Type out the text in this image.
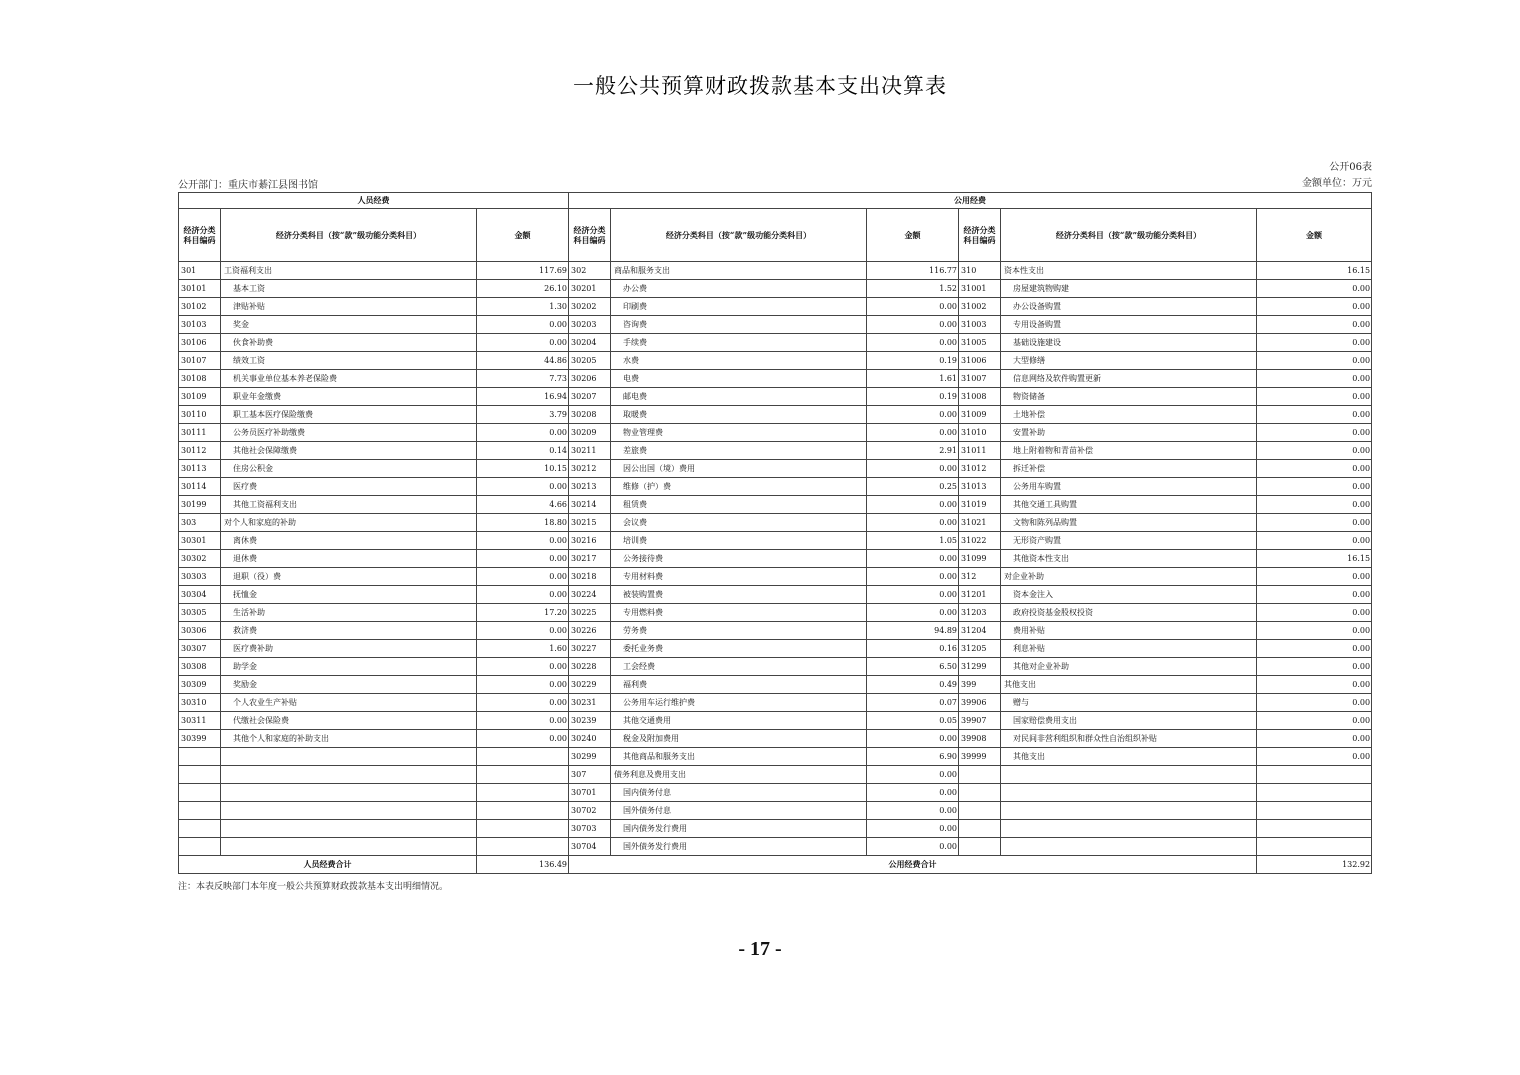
一般公共预算财政拨款基本支出决算表
公开06表
金额单位：万元
公开部门：重庆市綦江县图书馆
人员经费			公用经费					
经济分类科目编码	经济分类科目（按“款”级功能分类科目）	金额	经济分类科目编码	经济分类科目（按“款”级功能分类科目）	金额	经济分类科目编码	经济分类科目（按“款”级功能分类科目）	金额
301	工资福利支出	117.69	302	商品和服务支出	116.77	310	资本性支出	16.15
30101	基本工资	26.10	30201	办公费	1.52	31001	房屋建筑物购建	0.00
30102	津贴补贴	1.30	30202	印刷费	0.00	31002	办公设备购置	0.00
30103	奖金	0.00	30203	咨询费	0.00	31003	专用设备购置	0.00
30106	伙食补助费	0.00	30204	手续费	0.00	31005	基础设施建设	0.00
30107	绩效工资	44.86	30205	水费	0.19	31006	大型修缮	0.00
30108	机关事业单位基本养老保险费	7.73	30206	电费	1.61	31007	信息网络及软件购置更新	0.00
30109	职业年金缴费	16.94	30207	邮电费	0.19	31008	物资储备	0.00
30110	职工基本医疗保险缴费	3.79	30208	取暖费	0.00	31009	土地补偿	0.00
30111	公务员医疗补助缴费	0.00	30209	物业管理费	0.00	31010	安置补助	0.00
30112	其他社会保障缴费	0.14	30211	差旅费	2.91	31011	地上附着物和青苗补偿	0.00
30113	住房公积金	10.15	30212	因公出国（境）费用	0.00	31012	拆迁补偿	0.00
30114	医疗费	0.00	30213	维修（护）费	0.25	31013	公务用车购置	0.00
30199	其他工资福利支出	4.66	30214	租赁费	0.00	31019	其他交通工具购置	0.00
303	对个人和家庭的补助	18.80	30215	会议费	0.00	31021	文物和陈列品购置	0.00
30301	离休费	0.00	30216	培训费	1.05	31022	无形资产购置	0.00
30302	退休费	0.00	30217	公务接待费	0.00	31099	其他资本性支出	16.15
30303	退职（役）费	0.00	30218	专用材料费	0.00	312	对企业补助	0.00
30304	抚恤金	0.00	30224	被装购置费	0.00	31201	资本金注入	0.00
30305	生活补助	17.20	30225	专用燃料费	0.00	31203	政府投资基金股权投资	0.00
30306	救济费	0.00	30226	劳务费	94.89	31204	费用补贴	0.00
30307	医疗费补助	1.60	30227	委托业务费	0.16	31205	利息补贴	0.00
30308	助学金	0.00	30228	工会经费	6.50	31299	其他对企业补助	0.00
30309	奖励金	0.00	30229	福利费	0.49	399	其他支出	0.00
30310	个人农业生产补贴	0.00	30231	公务用车运行维护费	0.07	39906	赠与	0.00
30311	代缴社会保险费	0.00	30239	其他交通费用	0.05	39907	国家赔偿费用支出	0.00
30399	其他个人和家庭的补助支出	0.00	30240	税金及附加费用	0.00	39908	对民间非营利组织和群众性自治组织补贴	0.00
			30299	其他商品和服务支出	6.90	39999	其他支出	0.00
			307	债务利息及费用支出	0.00			
			30701	国内债务付息	0.00			
			30702	国外债务付息	0.00			
			30703	国内债务发行费用	0.00			
			30704	国外债务发行费用	0.00			
人员经费合计		136.49	公用经费合计					132.92
注：本表反映部门本年度一般公共预算财政拨款基本支出明细情况。
- 17 -
